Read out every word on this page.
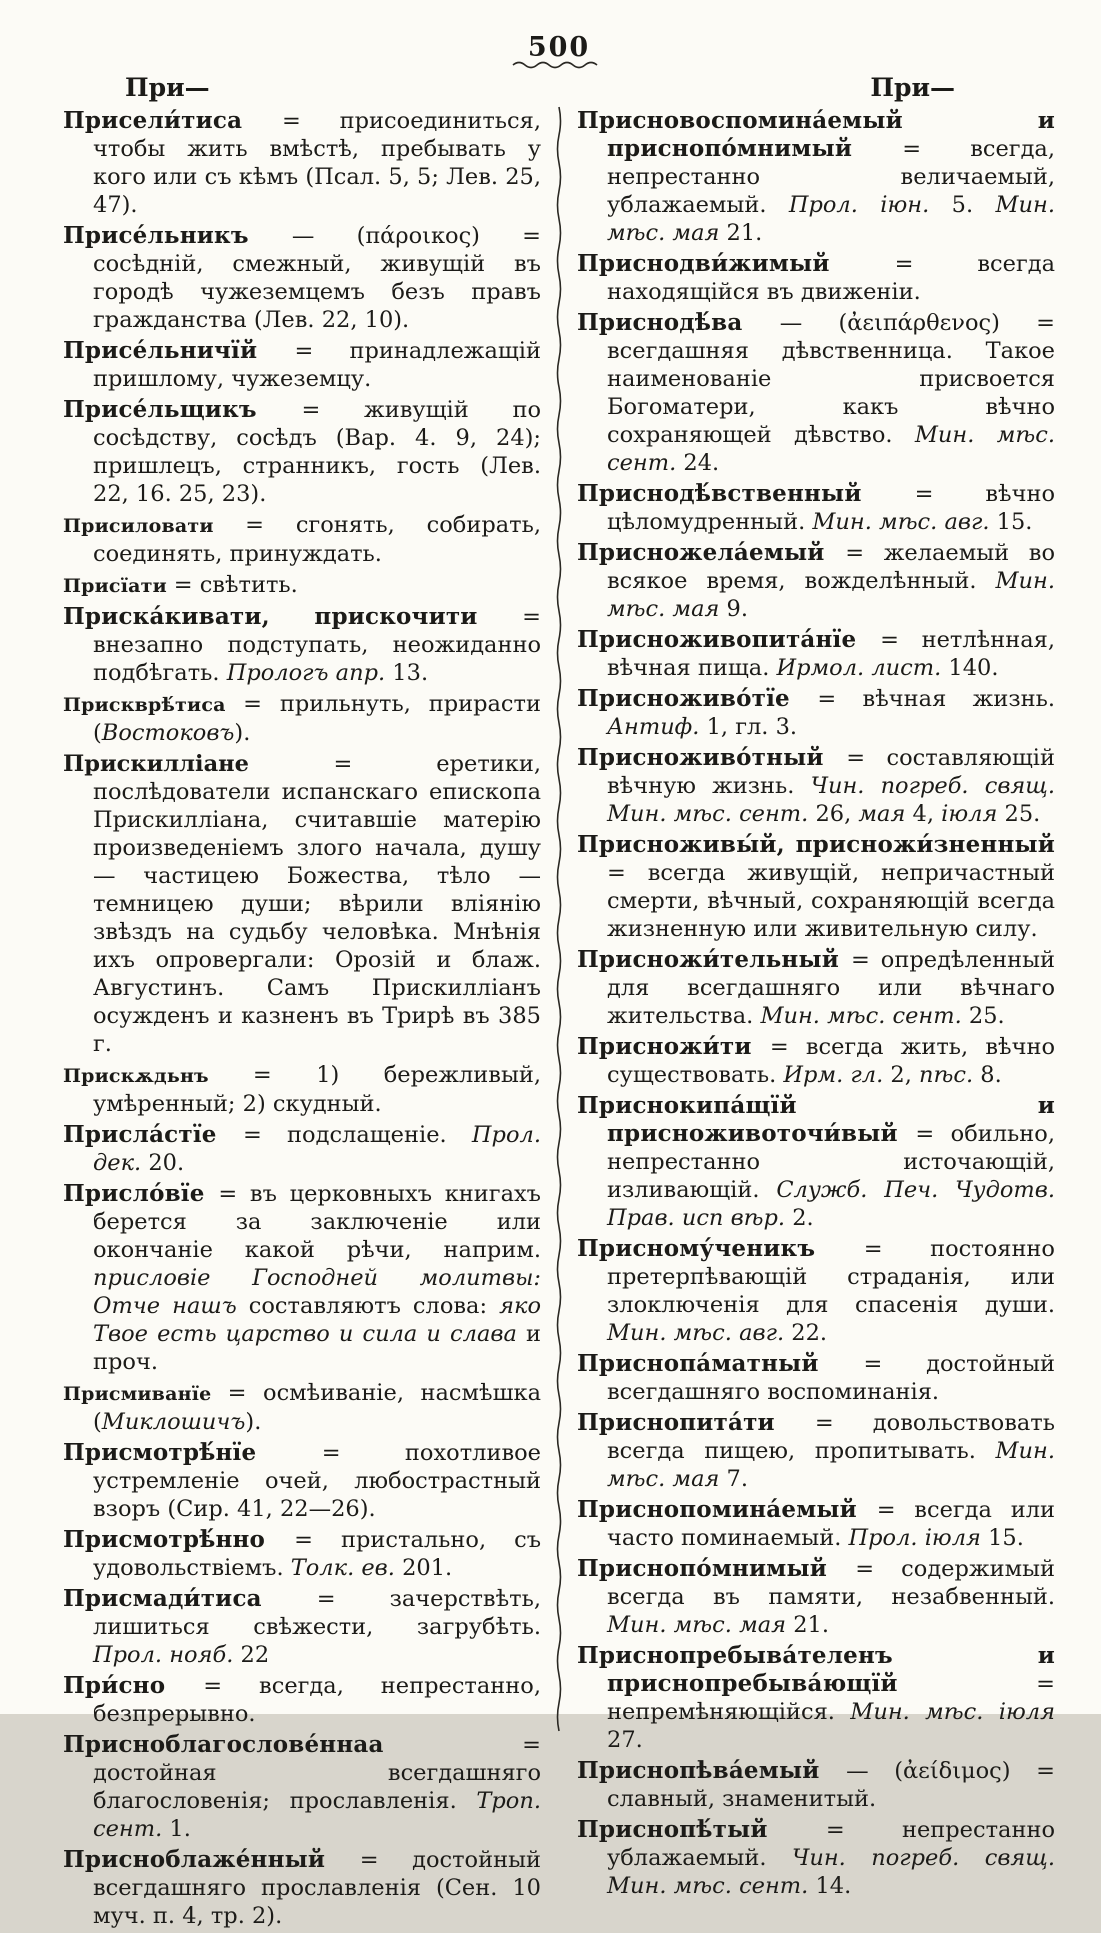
500
При—	При—

Присели́тиса = присоединиться, чтобы жить вмѣстѣ, пребывать у кого или съ кѣмъ (Псал. 5, 5; Лев. 25, 47).

Присе́льникъ — (πάροικος) = сосѣдній, смежный, живущій въ городѣ чужеземцемъ безъ правъ гражданства (Лев. 22, 10).

Присе́льничїй = принадлежащій пришлому, чужеземцу.

Присе́льщикъ = живущій по сосѣдству, сосѣдъ (Вар. 4. 9, 24); пришлецъ, странникъ, гость (Лев. 22, 16. 25, 23).

Присиловати = сгонять, собирать, соединять, принуждать.

Присїати = свѣтить.

Приска́кивати, прискочити = внезапно подступать, неожиданно подбѣгать. Прологъ апр. 13.

Прискврѣ́тиса = прильнуть, прирасти (Востоковъ).

Прискилліане = еретики, послѣдователи испанскаго епископа Прискилліана, считавшіе матерію произведеніемъ злого начала, душу — частицею Божества, тѣло — темницею души; вѣрили вліянію звѣздъ на судьбу человѣка. Мнѣнія ихъ опровергали: Орозій и блаж. Августинъ. Самъ Прискилліанъ осужденъ и казненъ въ Трирѣ въ 385 г.

Прискѫдьнъ = 1) бережливый, умѣренный; 2) скудный.

Присла́стїе = подслащеніе. Прол. дек. 20.

Присло́вїе = въ церковныхъ книгахъ берется за заключеніе или окончаніе какой рѣчи, наприм. присловіе Господней молитвы: Отче нашъ составляютъ слова: яко Твое есть царство и сила и слава и проч.

Присмиванїе = осмѣиваніе, насмѣшка (Миклошичъ).

Присмотрѣ́нїе = похотливое устремленіе очей, любострастный взоръ (Сир. 41, 22—26).

Присмотрѣ́нно = пристально, съ удовольствіемъ. Толк. ев. 201.

Присмади́тиса = зачерствѣть, лишиться свѣжести, загрубѣть. Прол. нояб. 22

При́сно = всегда, непрестанно, безпрерывно.

Присноблагослове́ннаа = достойная всегдашняго благословенія; прославленія. Троп. сент. 1.

Присноблаже́нный = достойный всегдашняго прославленія (Сен. 10 муч. п. 4, тр. 2).

Присновоспомина́емый и приснопо́мнимый = всегда, непрестанно величаемый, ублажаемый. Прол. іюн. 5. Мин. мѣс. мая 21.

Приснодви́жимый = всегда находящійся въ движеніи.

Приснодѣ́ва — (ἀειπάρθενος) = всегдашняя дѣвственница. Такое наименованіе присвоется Богоматери, какъ вѣчно сохраняющей дѣвство. Мин. мѣс. сент. 24.

Приснодѣ́вственный = вѣчно цѣломудренный. Мин. мѣс. авг. 15.

Присножела́емый = желаемый во всякое время, вожделѣнный. Мин. мѣс. мая 9.

Присноживопита́нїе = нетлѣнная, вѣчная пища. Ирмол. лист. 140.

Присноживо́тїе = вѣчная жизнь. Антиф. 1, гл. 3.

Присноживо́тный = составляющій вѣчную жизнь. Чин. погреб. свящ. Мин. мѣс. сент. 26, мая 4, іюля 25.

Присноживы́й, присножи́зненный = всегда живущій, непричастный смерти, вѣчный, сохраняющій всегда жизненную или живительную силу.

Присножи́тельный = опредѣленный для всегдашняго или вѣчнаго жительства. Мин. мѣс. сент. 25.

Присножи́ти = всегда жить, вѣчно существовать. Ирм. гл. 2, пѣс. 8.

Приснокипа́щїй и присноживоточи́вый = обильно, непрестанно источающій, изливающій. Служб. Печ. Чудотв. Прав. исп вѣр. 2.

Присному́ченикъ = постоянно претерпѣвающій страданія, или злоключенія для спасенія души. Мин. мѣс. авг. 22.

Приснопа́матный = достойный всегдашняго воспоминанія.

Приснопита́ти = довольствовать всегда пищею, пропитывать. Мин. мѣс. мая 7.

Приснопомина́емый = всегда или часто поминаемый. Прол. іюля 15.

Приснопо́мнимый = содержимый всегда въ памяти, незабвенный. Мин. мѣс. мая 21.

Приснопребыва́теленъ и приснопребыва́ющїй = непремѣняющійся. Мин. мѣс. іюля 27.

Приснопѣва́емый — (ἀείδιμος) = славный, знаменитый.

Приснопѣ́тый = непрестанно ублажаемый. Чин. погреб. свящ. Мин. мѣс. сент. 14.
